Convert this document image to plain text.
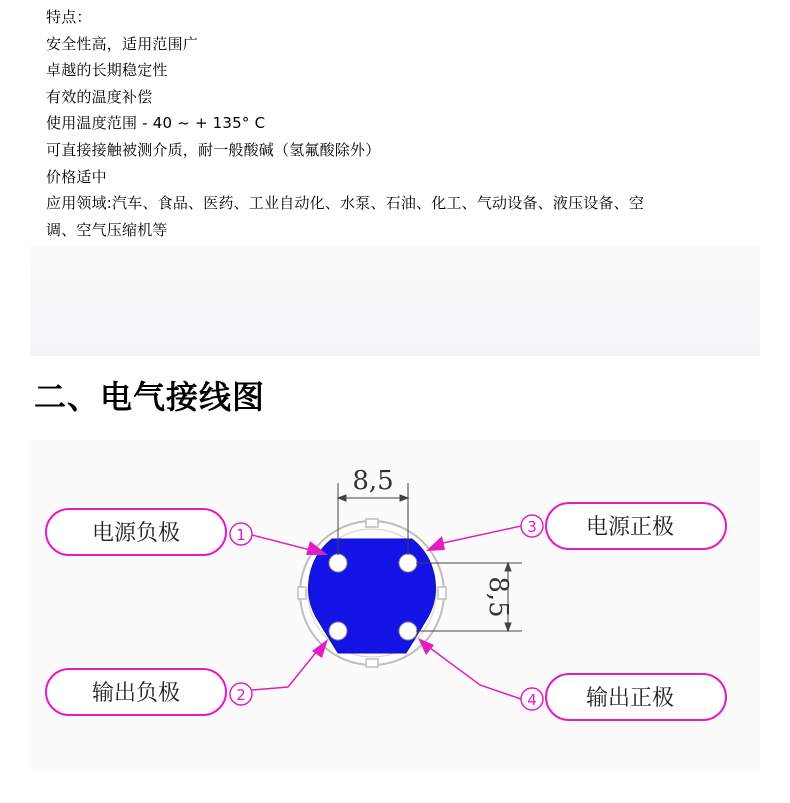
特点：

安全性高，适用范围广

卓越的长期稳定性

有效的温度补偿

使用温度范围 - 40 ~ + 135° C

可直接接触被测介质，耐一般酸碱（氢氟酸除外）

价格适中

应用领域:汽车、食品、医药、工业自动化、水泵、石油、化工、气动设备、液压设备、空

调、空气压缩机等

二、电气接线图
8,5
8,5
电源负极	1
输出负极	2
电源正极
3
输出正极
4
